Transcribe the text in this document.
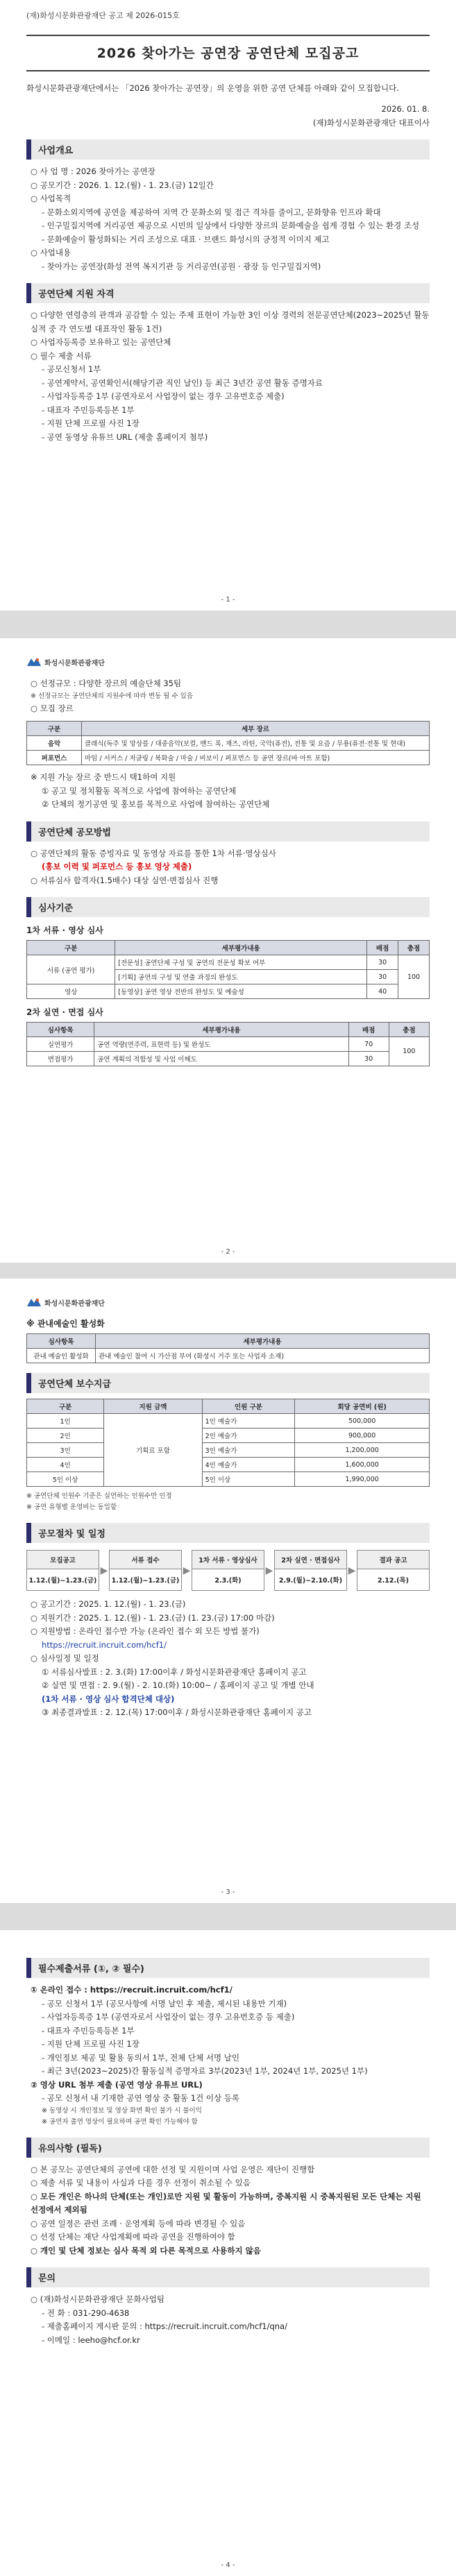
(재)화성시문화관광재단 공고 제 2026-015호
2026 찾아가는 공연장 공연단체 모집공고
화성시문화관광재단에서는 「2026 찾아가는 공연장」의 운영을 위한 공연 단체를 아래와 같이 모집합니다.
2026. 01. 8.
(재)화성시문화관광재단 대표이사
사업개요
○ 사 업 명 : 2026 찾아가는 공연장
○ 공모기간 : 2026. 1. 12.(월) - 1. 23.(금) 12일간
○ 사업목적
- 문화소외지역에 공연을 제공하여 지역 간 문화소외 및 접근 격차를 줄이고, 문화향유 인프라 확대
- 인구밀집지역에 거리공연 제공으로 시민의 일상에서 다양한 장르의 문화예술을 쉽게 경험 수 있는 환경 조성
- 문화예술이 활성화되는 거리 조성으로 대표 · 브랜드 화성시의 긍정적 이미지 제고
○ 사업내용
- 찾아가는 공연장(화성 전역 복지기관 등 거리공연(공원 · 광장 등 인구밀집지역)
공연단체 지원 자격
○ 다양한 연령층의 관객과 공감할 수 있는 주제 표현이 가능한 3인 이상 경력의 전문공연단체(2023~2025년 활동 실적 중 각 연도별 대표작인 활동 1건)
○ 사업자등록증 보유하고 있는 공연단체
○ 필수 제출 서류
- 공모신청서 1부
- 공연계약서, 공연확인서(해당기관 직인 날인) 등 최근 3년간 공연 활동 증명자료
- 사업자등록증 1부 (공연자로서 사업장이 없는 경우 고유번호증 제출)
- 대표자 주민등록등본 1부
- 지원 단체 프로필 사진 1장
- 공연 동영상 유튜브 URL (제출 홈페이지 첨부)
- 1 -
화성시문화관광재단
○ 선정규모 : 다양한 장르의 예술단체 35팀
※ 선정규모는 공연단체의 지원수에 따라 변동 될 수 있음
○ 모집 장르
구분	세부 장르
음악	클래식(독주 및 앙상블 / 대중음악(보컬, 밴드 록, 재즈, 라틴, 국악(퓨전), 전통 및 요즘 / 무용(퓨전·전통 및 현대)
퍼포먼스	마임 / 서커스 / 저글링 / 복화술 / 마술 / 비보이 / 퍼포먼스 등 공연 장르(바 아트 포함)
※ 지원 가능 장르 중 반드시 택1하여 지원
① 공고 및 정치활동 목적으로 사업에 참여하는 공연단체
② 단체의 정기공연 및 홍보를 목적으로 사업에 참여하는 공연단체
공연단체 공모방법
○ 공연단체의 활동 증빙자료 및 동영상 자료를 통한 1차 서류·영상심사
(홍보 이력 및 퍼포먼스 등 홍보 영상 제출)
○ 서류심사 합격자(1.5배수) 대상 실연·면접심사 진행
심사기준
1차 서류 · 영상 심사
구분	세부평가내용	배점	총점
서류 (공연 평가)	[전문성] 공연단체 구성 및 공연의 전문성 확보 여부	30	100
	[기획] 공연의 구성 및 연출 과정의 완성도	30	
영상	[동영상] 공연 영상 전반의 완성도 및 예술성	40	
2차 실연 · 면접 심사
심사항목	세부평가내용	배점	총점
실연평가	공연 역량(연주력, 표현력 등) 및 완성도	70	100
면접평가	공연 계획의 적합성 및 사업 이해도	30	
- 2 -
화성시문화관광재단
※ 관내예술인 활성화
심사항목	세부평가내용
관내 예술인 활성화	관내 예술인 참여 시 가산점 부여 (화성시 거주 또는 사업자 소재)
공연단체 보수지급
구분	지원 금액	인원 구분	회당 공연비 (원)
1인	기획료 포함	1인 예술가	500,000
2인		2인 예술가	900,000
3인		3인 예술가	1,200,000
4인		4인 예술가	1,600,000
5인 이상		5인 이상	1,990,000
※ 공연단체 인원수 기준은 실연하는 인원수만 인정
※ 공연 유형별 운영비는 동일함
공모절차 및 일정
모집공고
1.12.(월)~1.23.(금)
▶
서류 접수
1.12.(월)~1.23.(금)
▶
1차 서류 · 영상심사
2.3.(화)
▶
2차 실연 · 면접심사
2.9.(월)~2.10.(화)
▶
결과 공고
2.12.(목)
○ 공고기간 : 2025. 1. 12.(월) - 1. 23.(금)
○ 지원기간 : 2025. 1. 12.(월) - 1. 23.(금) (1. 23.(금) 17:00 마감)
○ 지원방법 : 온라인 접수만 가능 (온라인 접수 외 모든 방법 불가)
https://recruit.incruit.com/hcf1/
○ 심사일정 및 일정
① 서류심사발표 : 2. 3.(화) 17:00이후 / 화성시문화관광재단 홈페이지 공고
② 실연 및 면접 : 2. 9.(월) - 2. 10.(화) 10:00~ / 홈페이지 공고 및 개별 안내
(1차 서류 · 영상 심사 합격단체 대상)
③ 최종결과발표 : 2. 12.(목) 17:00이후 / 화성시문화관광재단 홈페이지 공고
- 3 -
필수제출서류 (①, ② 필수)
① 온라인 접수 : https://recruit.incruit.com/hcf1/
- 공모 신청서 1부 (공모사항에 서명 날인 후 제출, 제시된 내용만 기재)
- 사업자등록증 1부 (공연자로서 사업장이 없는 경우 고유번호증 등 제출)
- 대표자 주민등록등본 1부
- 지원 단체 프로필 사진 1장
- 개인정보 제공 및 활용 동의서 1부, 전체 단체 서명 날인
- 최근 3년(2023~2025)간 활동실적 증명자료 3부(2023년 1부, 2024년 1부, 2025년 1부)
② 영상 URL 첨부 제출 (공연 영상 유튜브 URL)
- 공모 신청서 내 기재한 공연 영상 중 활동 1건 이상 등록
※ 동영상 시 개인정보 및 영상 화면 확인 불가 시 불이익
※ 공연자 출연 영상이 필요하며 공연 확인 가능해야 함
유의사항 (필독)
○ 본 공모는 공연단체의 공연에 대한 선정 및 지원이며 사업 운영은 재단이 진행함
○ 제출 서류 및 내용이 사실과 다를 경우 선정이 취소될 수 있음
○ 모든 개인은 하나의 단체(또는 개인)로만 지원 및 활동이 가능하며, 중복지원 시 중복지원된 모든 단체는 지원 선정에서 제외됨
○ 공연 일정은 관련 조례 · 운영계획 등에 따라 변경될 수 있음
○ 선정 단체는 재단 사업계획에 따라 공연을 진행하여야 함
○ 개인 및 단체 정보는 심사 목적 외 다른 목적으로 사용하지 않음
문의
○ (재)화성시문화관광재단 문화사업팀
- 전 화 : 031-290-4638
- 제출홈페이지 게시판 문의 : https://recruit.incruit.com/hcf1/qna/
- 이메일 : leeho@hcf.or.kr
- 4 -
